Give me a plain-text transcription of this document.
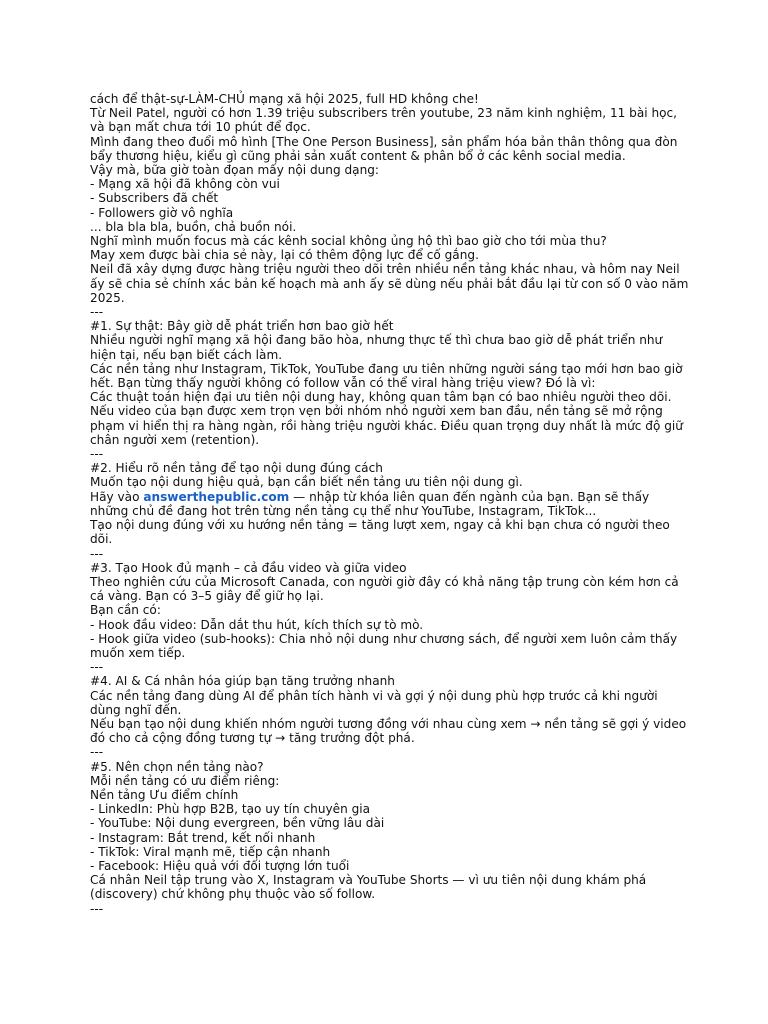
cách để thật-sự-LÀM-CHỦ mạng xã hội 2025, full HD không che!

Từ Neil Patel, người có hơn 1.39 triệu subscribers trên youtube, 23 năm kinh nghiệm, 11 bài học, và bạn mất chưa tới 10 phút để đọc.

Mình đang theo đuổi mô hình [The One Person Business], sản phẩm hóa bản thân thông qua đòn bẩy thương hiệu, kiểu gì cũng phải sản xuất content & phân bổ ở các kênh social media.

Vậy mà, bữa giờ toàn đọan mấy nội dung dạng:

- Mạng xã hội đã không còn vui

- Subscribers đã chết

- Followers giờ vô nghĩa

... bla bla bla, buồn, chả buồn nói.

Nghĩ mình muốn focus mà các kênh social không ủng hộ thì bao giờ cho tới mùa thu?

May xem được bài chia sẻ này, lại có thêm động lực để cố gắng.

Neil đã xây dựng được hàng triệu người theo dõi trên nhiều nền tảng khác nhau, và hôm nay Neil ấy sẽ chia sẻ chính xác bản kế hoạch mà anh ấy sẽ dùng nếu phải bắt đầu lại từ con số 0 vào năm 2025.

---

#1. Sự thật: Bây giờ dễ phát triển hơn bao giờ hết

Nhiều người nghĩ mạng xã hội đang bão hòa, nhưng thực tế thì chưa bao giờ dễ phát triển như hiện tại, nếu bạn biết cách làm.

Các nền tảng như Instagram, TikTok, YouTube đang ưu tiên những người sáng tạo mới hơn bao giờ hết. Bạn từng thấy người không có follow vẫn có thể viral hàng triệu view? Đó là vì:

Các thuật toán hiện đại ưu tiên nội dung hay, không quan tâm bạn có bao nhiêu người theo dõi. Nếu video của bạn được xem trọn vẹn bởi nhóm nhỏ người xem ban đầu, nền tảng sẽ mở rộng phạm vi hiển thị ra hàng ngàn, rồi hàng triệu người khác. Điều quan trọng duy nhất là mức độ giữ chân người xem (retention).

---

#2. Hiểu rõ nền tảng để tạo nội dung đúng cách

Muốn tạo nội dung hiệu quả, bạn cần biết nền tảng ưu tiên nội dung gì.

Hãy vào answerthepublic.com — nhập từ khóa liên quan đến ngành của bạn. Bạn sẽ thấy những chủ đề đang hot trên từng nền tảng cụ thể như YouTube, Instagram, TikTok...

Tạo nội dung đúng với xu hướng nền tảng = tăng lượt xem, ngay cả khi bạn chưa có người theo dõi.

---

#3. Tạo Hook đủ mạnh – cả đầu video và giữa video

Theo nghiên cứu của Microsoft Canada, con người giờ đây có khả năng tập trung còn kém hơn cả cá vàng. Bạn có 3–5 giây để giữ họ lại.

Bạn cần có:

- Hook đầu video: Dẫn dắt thu hút, kích thích sự tò mò.

- Hook giữa video (sub-hooks): Chia nhỏ nội dung như chương sách, để người xem luôn cảm thấy muốn xem tiếp.

---

#4. AI & Cá nhân hóa giúp bạn tăng trưởng nhanh

Các nền tảng đang dùng AI để phân tích hành vi và gợi ý nội dung phù hợp trước cả khi người dùng nghĩ đến.

Nếu bạn tạo nội dung khiến nhóm người tương đồng với nhau cùng xem → nền tảng sẽ gợi ý video đó cho cả cộng đồng tương tự → tăng trưởng đột phá.

---

#5. Nên chọn nền tảng nào?

Mỗi nền tảng có ưu điểm riêng:

Nền tảng Ưu điểm chính

- LinkedIn: Phù hợp B2B, tạo uy tín chuyên gia

- YouTube: Nội dung evergreen, bền vững lâu dài

- Instagram: Bắt trend, kết nối nhanh

- TikTok: Viral mạnh mẽ, tiếp cận nhanh

- Facebook: Hiệu quả với đối tượng lớn tuổi

Cá nhân Neil tập trung vào X, Instagram và YouTube Shorts — vì ưu tiên nội dung khám phá (discovery) chứ không phụ thuộc vào số follow.

---
